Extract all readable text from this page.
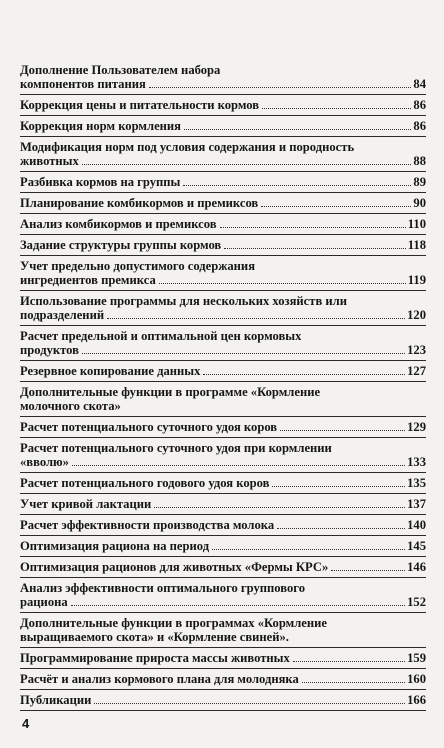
Дополнение Пользователем набора
компонентов питания	84
Коррекция цены и питательности кормов	86
Коррекция норм кормления	86
Модификация норм под условия содержания и породность
животных	88
Разбивка кормов на группы	89
Планирование комбикормов и премиксов	90
Анализ комбикормов и премиксов	110
Задание структуры группы кормов	118
Учет предельно допустимого содержания
ингредиентов премикса	119
Использование программы для нескольких хозяйств или
подразделений	120
Расчет предельной и оптимальной цен кормовых
продуктов	123
Резервное копирование данных	127
Дополнительные функции в программе «Кормление
молочного скота»
Расчет потенциального суточного удоя коров	129
Расчет потенциального суточного удоя при кормлении
«вволю»	133
Расчет потенциального годового удоя коров	135
Учет кривой лактации	137
Расчет эффективности производства молока	140
Оптимизация рациона на период	145
Оптимизация рационов для животных «Фермы КРС»	146
Анализ эффективности оптимального группового
рациона	152
Дополнительные функции в программах «Кормление
выращиваемого скота» и «Кормление свиней».
Программирование прироста массы животных	159
Расчёт и анализ кормового плана для молодняка	160
Публикации	166
4
